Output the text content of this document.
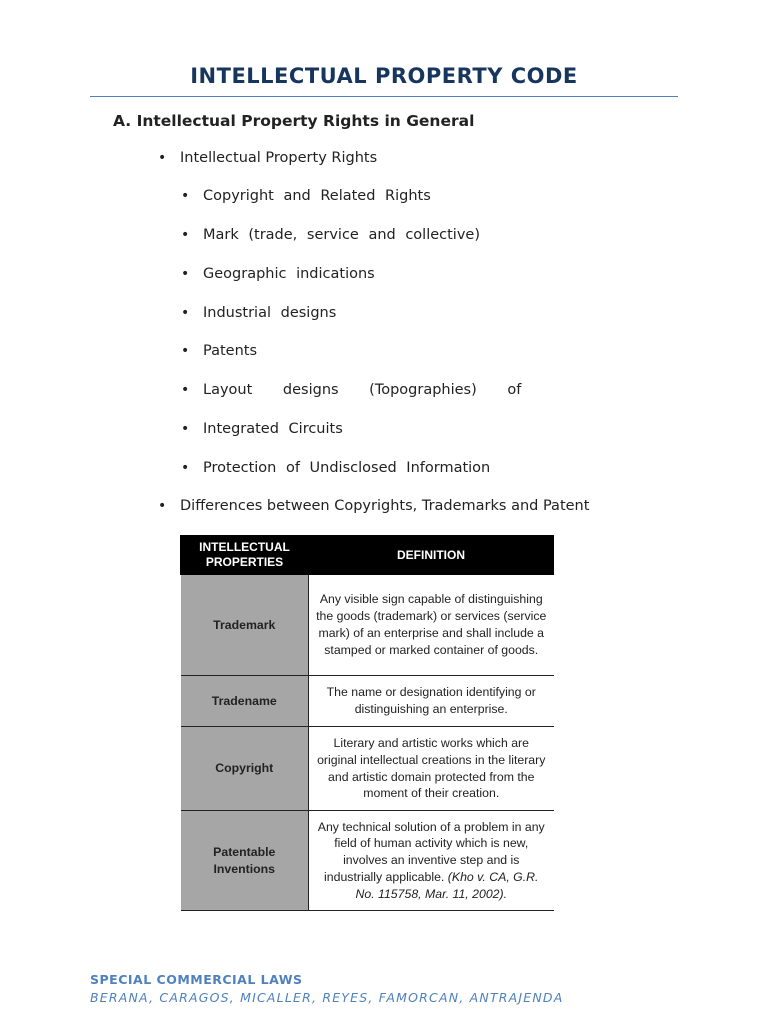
INTELLECTUAL PROPERTY CODE
A. Intellectual Property Rights in General
• Intellectual Property Rights
• Copyright and Related Rights
• Mark (trade, service and collective)
• Geographic indications
• Industrial designs
• Patents
• Layout designs (Topographies) of
• Integrated Circuits
• Protection of Undisclosed Information
• Differences between Copyrights, Trademarks and Patent
INTELLECTUAL PROPERTIES	DEFINITION
Trademark	Any visible sign capable of distinguishing the goods (trademark) or services (service mark) of an enterprise and shall include a stamped or marked container of goods.
Tradename	The name or designation identifying or distinguishing an enterprise.
Copyright	Literary and artistic works which are original intellectual creations in the literary and artistic domain protected from the moment of their creation.
Patentable Inventions	Any technical solution of a problem in any field of human activity which is new, involves an inventive step and is industrially applicable. (Kho v. CA, G.R. No. 115758, Mar. 11, 2002).
SPECIAL COMMERCIAL LAWS
BERANA, CARAGOS, MICALLER, REYES, FAMORCAN, ANTRAJENDA
